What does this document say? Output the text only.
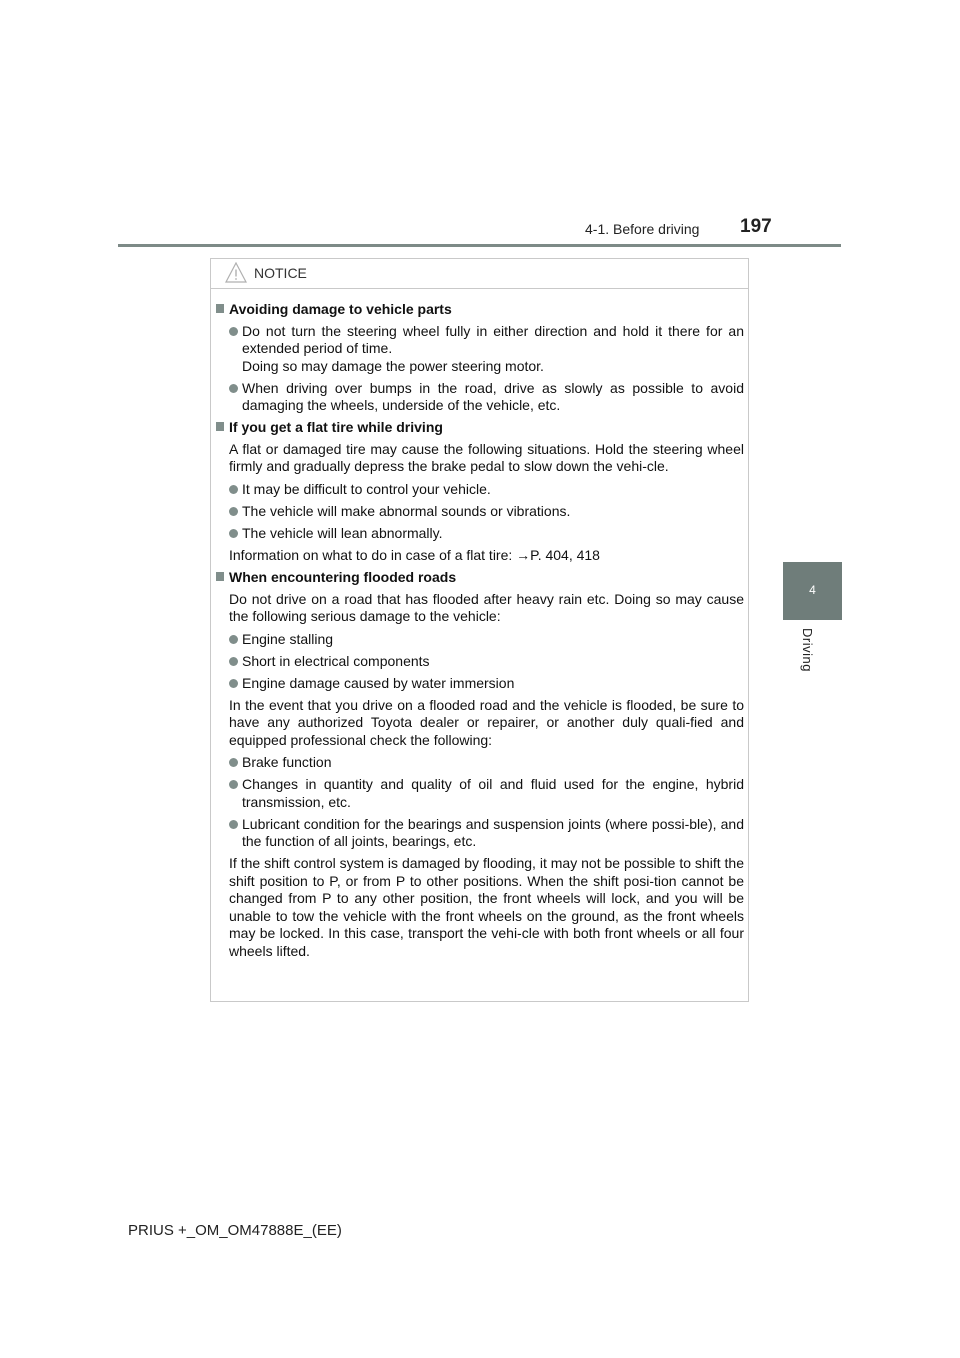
4-1. Before driving 197
4
Driving
NOTICE
Avoiding damage to vehicle parts
Do not turn the steering wheel fully in either direction and hold it there for an extended period of time.
Doing so may damage the power steering motor.
When driving over bumps in the road, drive as slowly as possible to avoid damaging the wheels, underside of the vehicle, etc.
If you get a flat tire while driving

A flat or damaged tire may cause the following situations. Hold the steering wheel firmly and gradually depress the brake pedal to slow down the vehi-cle.

It may be difficult to control your vehicle.
The vehicle will make abnormal sounds or vibrations.
The vehicle will lean abnormally.

Information on what to do in case of a flat tire: →P. 404, 418

When encountering flooded roads

Do not drive on a road that has flooded after heavy rain etc. Doing so may cause the following serious damage to the vehicle:

Engine stalling
Short in electrical components
Engine damage caused by water immersion

In the event that you drive on a flooded road and the vehicle is flooded, be sure to have any authorized Toyota dealer or repairer, or another duly quali-fied and equipped professional check the following:

Brake function
Changes in quantity and quality of oil and fluid used for the engine, hybrid transmission, etc.
Lubricant condition for the bearings and suspension joints (where possi-ble), and the function of all joints, bearings, etc.

If the shift control system is damaged by flooding, it may not be possible to shift the shift position to P, or from P to other positions. When the shift posi-tion cannot be changed from P to any other position, the front wheels will lock, and you will be unable to tow the vehicle with the front wheels on the ground, as the front wheels may be locked. In this case, transport the vehi-cle with both front wheels or all four wheels lifted.

PRIUS +_OM_OM47888E_(EE)
